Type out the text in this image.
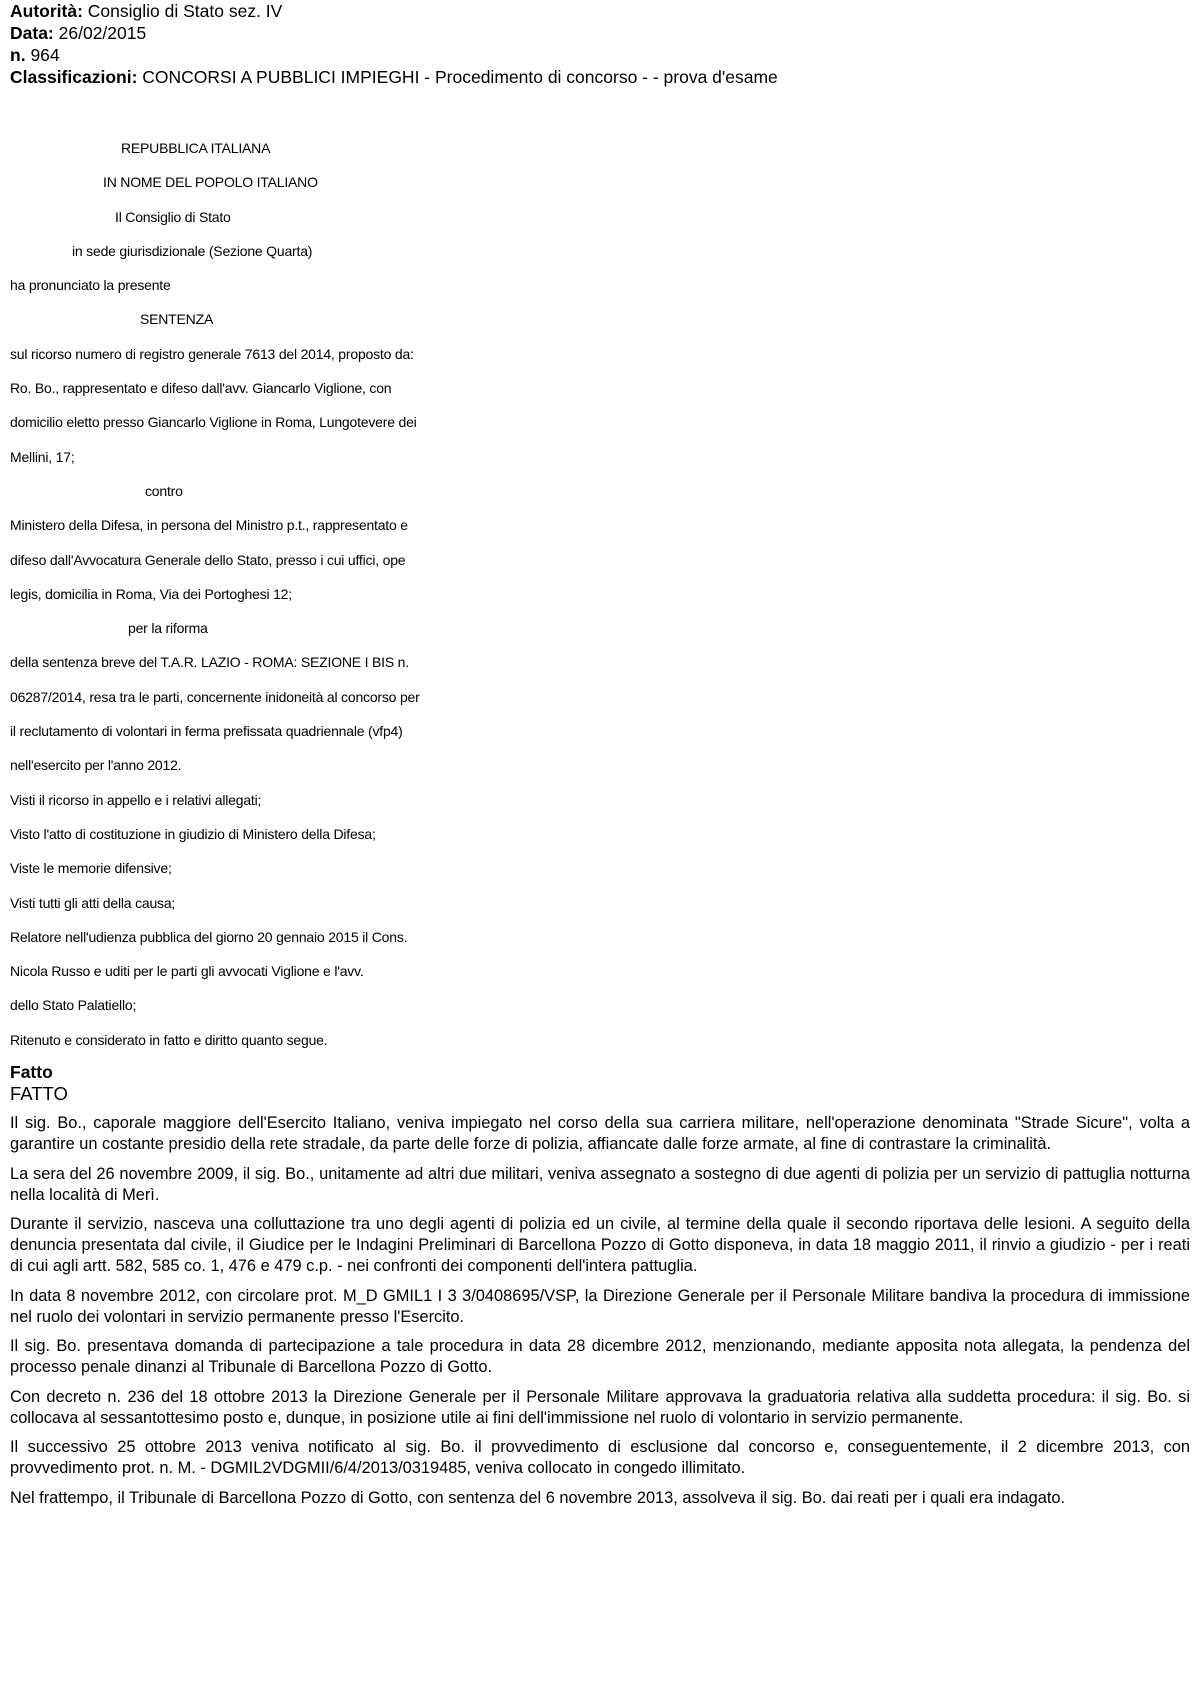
Autorità: Consiglio di Stato sez. IV
Data: 26/02/2015
n. 964
Classificazioni: CONCORSI A PUBBLICI IMPIEGHI - Procedimento di concorso - - prova d'esame
REPUBBLICA ITALIANA
IN NOME DEL POPOLO ITALIANO
Il Consiglio di Stato
in sede giurisdizionale (Sezione Quarta)
ha pronunciato la presente
SENTENZA
sul ricorso numero di registro generale 7613 del 2014, proposto da:
Ro. Bo., rappresentato e difeso dall'avv. Giancarlo Viglione, con
domicilio eletto presso Giancarlo Viglione in Roma, Lungotevere dei
Mellini, 17;
contro
Ministero della Difesa, in persona del Ministro p.t., rappresentato e
difeso dall'Avvocatura Generale dello Stato, presso i cui uffici, ope
legis, domicilia in Roma, Via dei Portoghesi 12;
per la riforma
della sentenza breve del T.A.R. LAZIO - ROMA: SEZIONE I BIS n.
06287/2014, resa tra le parti, concernente inidoneità al concorso per
il reclutamento di volontari in ferma prefissata quadriennale (vfp4)
nell'esercito per l'anno 2012.
Visti il ricorso in appello e i relativi allegati;
Visto l'atto di costituzione in giudizio di Ministero della Difesa;
Viste le memorie difensive;
Visti tutti gli atti della causa;
Relatore nell'udienza pubblica del giorno 20 gennaio 2015 il Cons.
Nicola Russo e uditi per le parti gli avvocati Viglione e l'avv.
dello Stato Palatiello;
Ritenuto e considerato in fatto e diritto quanto segue.
Fatto
FATTO

Il sig. Bo., caporale maggiore dell'Esercito Italiano, veniva impiegato nel corso della sua carriera militare, nell'operazione denominata "Strade Sicure", volta a garantire un costante presidio della rete stradale, da parte delle forze di polizia, affiancate dalle forze armate, al fine di contrastare la criminalità.

La sera del 26 novembre 2009, il sig. Bo., unitamente ad altri due militari, veniva assegnato a sostegno di due agenti di polizia per un servizio di pattuglia notturna nella località di Merì.

Durante il servizio, nasceva una colluttazione tra uno degli agenti di polizia ed un civile, al termine della quale il secondo riportava delle lesioni. A seguito della denuncia presentata dal civile, il Giudice per le Indagini Preliminari di Barcellona Pozzo di Gotto disponeva, in data 18 maggio 2011, il rinvio a giudizio - per i reati di cui agli artt. 582, 585 co. 1, 476 e 479 c.p. - nei confronti dei componenti dell'intera pattuglia.

In data 8 novembre 2012, con circolare prot. M_D GMIL1 I 3 3/0408695/VSP, la Direzione Generale per il Personale Militare bandiva la procedura di immissione nel ruolo dei volontari in servizio permanente presso l'Esercito.

Il sig. Bo. presentava domanda di partecipazione a tale procedura in data 28 dicembre 2012, menzionando, mediante apposita nota allegata, la pendenza del processo penale dinanzi al Tribunale di Barcellona Pozzo di Gotto.

Con decreto n. 236 del 18 ottobre 2013 la Direzione Generale per il Personale Militare approvava la graduatoria relativa alla suddetta procedura: il sig. Bo. si collocava al sessantottesimo posto e, dunque, in posizione utile ai fini dell'immissione nel ruolo di volontario in servizio permanente.

Il successivo 25 ottobre 2013 veniva notificato al sig. Bo. il provvedimento di esclusione dal concorso e, conseguentemente, il 2 dicembre 2013, con provvedimento prot. n. M. - DGMIL2VDGMII/6/4/2013/0319485, veniva collocato in congedo illimitato.

Nel frattempo, il Tribunale di Barcellona Pozzo di Gotto, con sentenza del 6 novembre 2013, assolveva il sig. Bo. dai reati per i quali era indagato.
